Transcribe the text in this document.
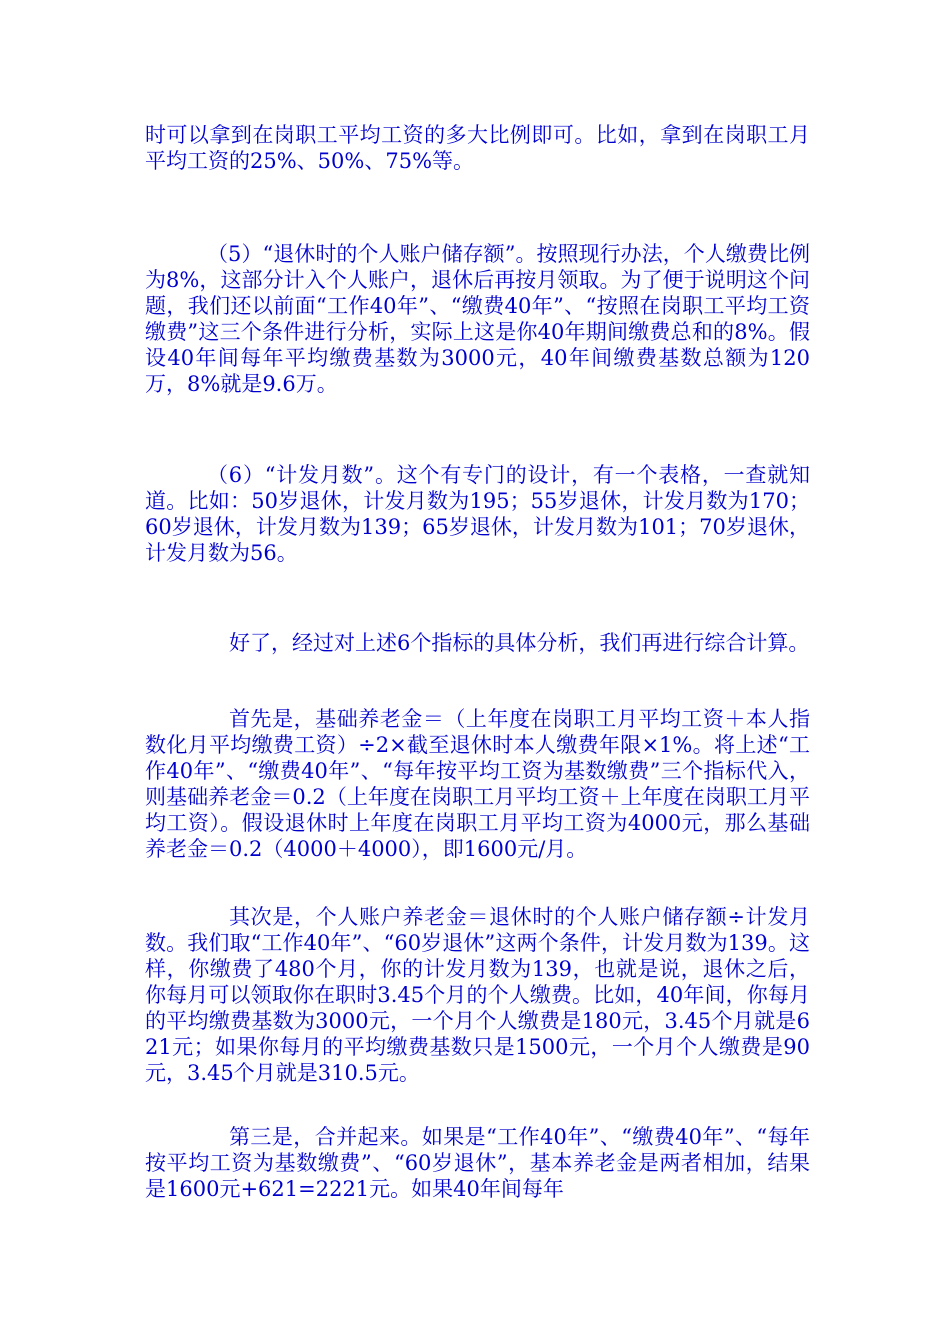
时可以拿到在岗职工平均工资的多大比例即可。比如，拿到在岗职工月平均工资的25%、50%、75%等。

（5）“退休时的个人账户储存额”。按照现行办法，个人缴费比例为8%，这部分计入个人账户，退休后再按月领取。为了便于说明这个问题，我们还以前面“工作40年”、“缴费40年”、“按照在岗职工平均工资缴费”这三个条件进行分析，实际上这是你40年期间缴费总和的8%。假设40年间每年平均缴费基数为3000元，40年间缴费基数总额为120万，8%就是9.6万。

（6）“计发月数”。这个有专门的设计，有一个表格，一查就知道。比如：50岁退休，计发月数为195；55岁退休，计发月数为170；60岁退休，计发月数为139；65岁退休，计发月数为101；70岁退休，计发月数为56。

好了，经过对上述6个指标的具体分析，我们再进行综合计算。

首先是，基础养老金＝（上年度在岗职工月平均工资＋本人指数化月平均缴费工资）÷2×截至退休时本人缴费年限×1%。将上述“工作40年”、“缴费40年”、“每年按平均工资为基数缴费”三个指标代入，则基础养老金＝0.2（上年度在岗职工月平均工资＋上年度在岗职工月平均工资）。假设退休时上年度在岗职工月平均工资为4000元，那么基础养老金＝0.2（4000＋4000），即1600元/月。

其次是，个人账户养老金＝退休时的个人账户储存额÷计发月数。我们取“工作40年”、“60岁退休”这两个条件，计发月数为139。这样，你缴费了480个月，你的计发月数为139，也就是说，退休之后，你每月可以领取你在职时3.45个月的个人缴费。比如，40年间，你每月的平均缴费基数为3000元，一个月个人缴费是180元，3.45个月就是621元；如果你每月的平均缴费基数只是1500元，一个月个人缴费是90元，3.45个月就是310.5元。

第三是，合并起来。如果是“工作40年”、“缴费40年”、“每年按平均工资为基数缴费”、“60岁退休”，基本养老金是两者相加，结果是1600元+621=2221元。如果40年间每年
